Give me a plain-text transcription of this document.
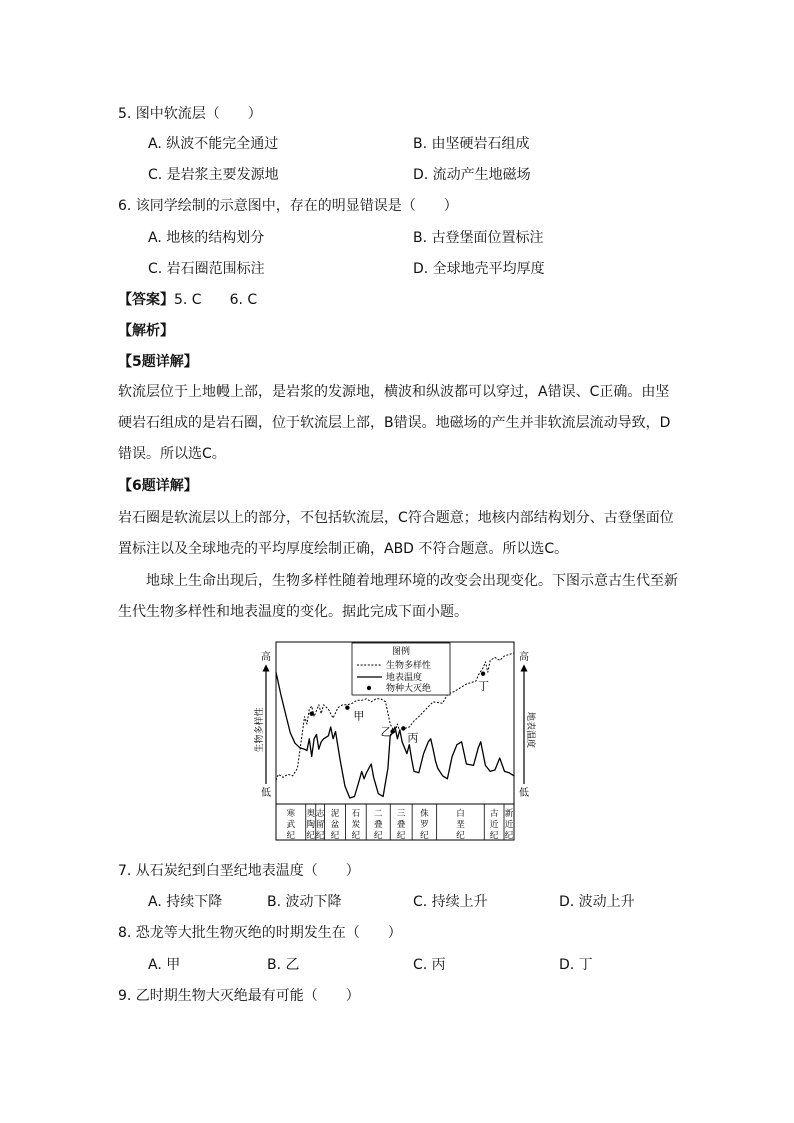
5. 图中软流层（　　）
A. 纵波不能完全通过	B. 由坚硬岩石组成
C. 是岩浆主要发源地	D. 流动产生地磁场
6. 该同学绘制的示意图中，存在的明显错误是（　　）
A. 地核的结构划分	B. 古登堡面位置标注
C. 岩石圈范围标注	D. 全球地壳平均厚度
【答案】5. C　　6. C
【解析】
【5题详解】
软流层位于上地幔上部，是岩浆的发源地，横波和纵波都可以穿过，A错误、C正确。由坚硬岩石组成的是岩石圈，位于软流层上部，B错误。地磁场的产生并非软流层流动导致，D错误。所以选C。
【6题详解】
岩石圈是软流层以上的部分，不包括软流层，C符合题意；地核内部结构划分、古登堡面位置标注以及全球地壳的平均厚度绘制正确，ABD 不符合题意。所以选C。
地球上生命出现后，生物多样性随着地理环境的改变会出现变化。下图示意古生代至新生代生物多样性和地表温度的变化。据此完成下面小题。
高
低
高
低
生物多样性	地表温度
甲
乙 丙
丁
寒武纪
奥陶纪
志留纪
泥盆纪
石炭纪
二叠纪
三叠纪
侏罗纪
白垩纪
古近纪
新近纪
图例
生物多样性
地表温度
物种大灭绝
7. 从石炭纪到白垩纪地表温度（　　）
A. 持续下降	B. 波动下降	C. 持续上升	D. 波动上升
8. 恐龙等大批生物灭绝的时期发生在（　　）
A. 甲	B. 乙	C. 丙	D. 丁
9. 乙时期生物大灭绝最有可能（　　）
